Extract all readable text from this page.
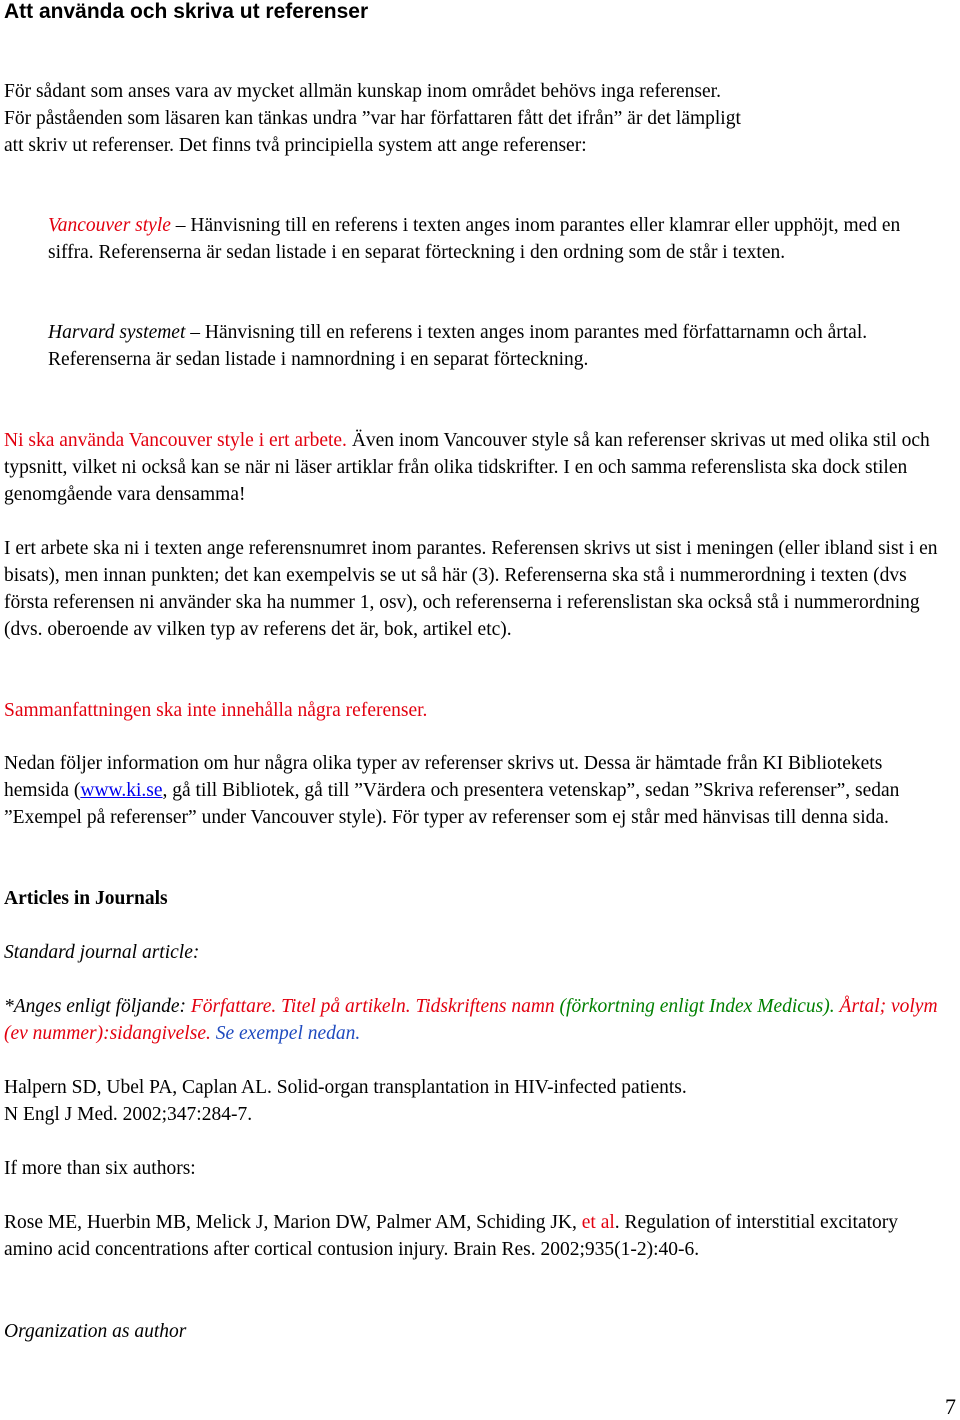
Att använda och skriva ut referenser
För sådant som anses vara av mycket allmän kunskap inom området behövs inga referenser.
För påståenden som läsaren kan tänkas undra ”var har författaren fått det ifrån” är det lämpligt
att skriv ut referenser. Det finns två principiella system att ange referenser:

Vancouver style – Hänvisning till en referens i texten anges inom parantes eller klamrar eller upphöjt, med en siffra. Referenserna är sedan listade i en separat förteckning i den ordning som de står i texten.

Harvard systemet – Hänvisning till en referens i texten anges inom parantes med författarnamn och årtal. Referenserna är sedan listade i namnordning i en separat förteckning.

Ni ska använda Vancouver style i ert arbete. Även inom Vancouver style så kan referenser skrivas ut med olika stil och typsnitt, vilket ni också kan se när ni läser artiklar från olika tidskrifter. I en och samma referenslista ska dock stilen genomgående vara densamma!

I ert arbete ska ni i texten ange referensnumret inom parantes. Referensen skrivs ut sist i meningen (eller ibland sist i en bisats), men innan punkten; det kan exempelvis se ut så här (3). Referenserna ska stå i nummerordning i texten (dvs första referensen ni använder ska ha nummer 1, osv), och referenserna i referenslistan ska också stå i nummerordning (dvs. oberoende av vilken typ av referens det är, bok, artikel etc).

Sammanfattningen ska inte innehålla några referenser.

Nedan följer information om hur några olika typer av referenser skrivs ut. Dessa är hämtade från KI Bibliotekets hemsida (www.ki.se, gå till Bibliotek, gå till ”Värdera och presentera vetenskap”, sedan ”Skriva referenser”, sedan ”Exempel på referenser” under Vancouver style). För typer av referenser som ej står med hänvisas till denna sida.

Articles in Journals

Standard journal article:

*Anges enligt följande: Författare. Titel på artikeln. Tidskriftens namn (förkortning enligt Index Medicus). Årtal; volym (ev nummer):sidangivelse. Se exempel nedan.

Halpern SD, Ubel PA, Caplan AL. Solid-organ transplantation in HIV-infected patients.
N Engl J Med. 2002;347:284-7.

If more than six authors:

Rose ME, Huerbin MB, Melick J, Marion DW, Palmer AM, Schiding JK, et al. Regulation of interstitial excitatory amino acid concentrations after cortical contusion injury. Brain Res. 2002;935(1-2):40-6.

Organization as author

7
